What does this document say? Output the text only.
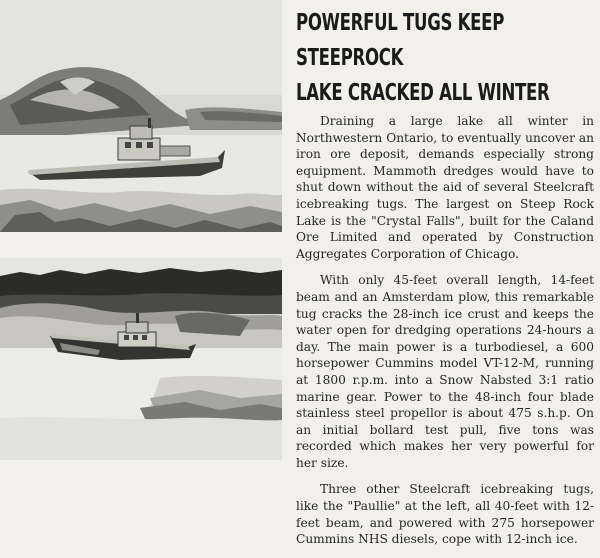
POWERFUL TUGS KEEP STEEPROCK
LAKE CRACKED ALL WINTER

Draining a large lake all winter in Northwestern Ontario, to eventually uncover an iron ore deposit, demands especially strong equipment. Mammoth dredges would have to shut down without the aid of several Steelcraft icebreaking tugs. The largest on Steep Rock Lake is the "Crystal Falls", built for the Caland Ore Limited and operated by Construction Aggregates Corporation of Chicago.

With only 45-feet overall length, 14-feet beam and an Amsterdam plow, this remarkable tug cracks the 28-inch ice crust and keeps the water open for dredging operations 24-hours a day. The main power is a turbodiesel, a 600 horsepower Cummins model VT-12-M, running at 1800 r.p.m. into a Snow Nabsted 3:1 ratio marine gear. Power to the 48-inch four blade stainless steel propellor is about 475 s.h.p. On an initial bollard test pull, five tons was recorded which makes her very powerful for her size.

Three other Steelcraft icebreaking tugs, like the "Paullie" at the left, all 40-feet with 12-feet beam, and powered with 275 horsepower Cummins NHS diesels, cope with 12-inch ice.
